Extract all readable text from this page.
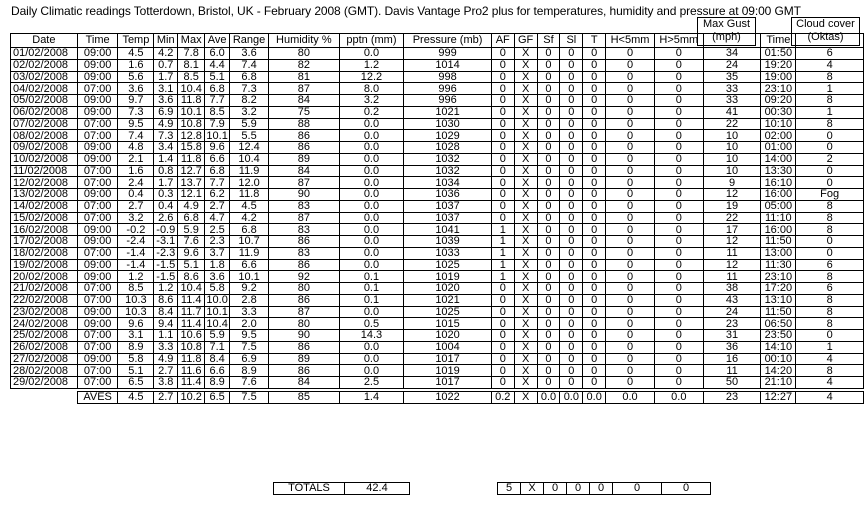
Daily Climatic readings Totterdown, Bristol, UK - February 2008 (GMT). Davis Vantage Pro2 plus for temperatures, humidity and pressure at 09:00 GMT
Max Gust
(mph)
Cloud cover
(Oktas)
Date	Time	Temp	Min	Max	Ave	Range	Humidity %	pptn (mm)	Pressure (mb)	AF	GF	Sf	Sl	T	H<5mm	H>5mm		Time	
01/02/2008	09:00	4.5	4.2	7.8	6.0	3.6	80	0.0	999	0	X	0	0	0	0	0	34	01:50	6
02/02/2008	09:00	1.6	0.7	8.1	4.4	7.4	82	1.2	1014	0	X	0	0	0	0	0	24	19:20	4
03/02/2008	09:00	5.6	1.7	8.5	5.1	6.8	81	12.2	998	0	X	0	0	0	0	0	35	19:00	8
04/02/2008	07:00	3.6	3.1	10.4	6.8	7.3	87	8.0	996	0	X	0	0	0	0	0	33	23:10	1
05/02/2008	09:00	9.7	3.6	11.8	7.7	8.2	84	3.2	996	0	X	0	0	0	0	0	33	09:20	8
06/02/2008	09:00	7.3	6.9	10.1	8.5	3.2	75	0.2	1021	0	X	0	0	0	0	0	41	00:30	1
07/02/2008	07:00	9.5	4.9	10.8	7.9	5.9	88	0.0	1030	0	X	0	0	0	0	0	22	10:10	8
08/02/2008	07:00	7.4	7.3	12.8	10.1	5.5	86	0.0	1029	0	X	0	0	0	0	0	10	02:00	0
09/02/2008	09:00	4.8	3.4	15.8	9.6	12.4	86	0.0	1028	0	X	0	0	0	0	0	10	01:00	0
10/02/2008	09:00	2.1	1.4	11.8	6.6	10.4	89	0.0	1032	0	X	0	0	0	0	0	10	14:00	2
11/02/2008	07:00	1.6	0.8	12.7	6.8	11.9	84	0.0	1032	0	X	0	0	0	0	0	10	13:30	0
12/02/2008	07:00	2.4	1.7	13.7	7.7	12.0	87	0.0	1034	0	X	0	0	0	0	0	9	16:10	0
13/02/2008	09:00	0.4	0.3	12.1	6.2	11.8	90	0.0	1036	0	X	0	0	0	0	0	12	16:00	Fog
14/02/2008	07:00	2.7	0.4	4.9	2.7	4.5	83	0.0	1037	0	X	0	0	0	0	0	19	05:00	8
15/02/2008	07:00	3.2	2.6	6.8	4.7	4.2	87	0.0	1037	0	X	0	0	0	0	0	22	11:10	8
16/02/2008	09:00	-0.2	-0.9	5.9	2.5	6.8	83	0.0	1041	1	X	0	0	0	0	0	17	16:00	8
17/02/2008	09:00	-2.4	-3.1	7.6	2.3	10.7	86	0.0	1039	1	X	0	0	0	0	0	12	11:50	0
18/02/2008	07:00	-1.4	-2.3	9.6	3.7	11.9	83	0.0	1033	1	X	0	0	0	0	0	11	13:00	0
19/02/2008	09:00	-1.4	-1.5	5.1	1.8	6.6	86	0.0	1025	1	X	0	0	0	0	0	12	11:30	6
20/02/2008	09:00	1.2	-1.5	8.6	3.6	10.1	92	0.1	1019	1	X	0	0	0	0	0	11	23:10	8
21/02/2008	07:00	8.5	1.2	10.4	5.8	9.2	80	0.1	1020	0	X	0	0	0	0	0	38	17:20	6
22/02/2008	07:00	10.3	8.6	11.4	10.0	2.8	86	0.1	1021	0	X	0	0	0	0	0	43	13:10	8
23/02/2008	09:00	10.3	8.4	11.7	10.1	3.3	87	0.0	1025	0	X	0	0	0	0	0	24	11:50	8
24/02/2008	09:00	9.6	9.4	11.4	10.4	2.0	80	0.5	1015	0	X	0	0	0	0	0	23	06:50	8
25/02/2008	07:00	3.1	1.1	10.6	5.9	9.5	90	14.3	1020	0	X	0	0	0	0	0	31	23:50	0
26/02/2008	07:00	8.9	3.3	10.8	7.1	7.5	86	0.0	1004	0	X	0	0	0	0	0	36	14:10	1
27/02/2008	09:00	5.8	4.9	11.8	8.4	6.9	89	0.0	1017	0	X	0	0	0	0	0	16	00:10	4
28/02/2008	07:00	5.1	2.7	11.6	6.6	8.9	86	0.0	1019	0	X	0	0	0	0	0	11	14:20	8
29/02/2008	07:00	6.5	3.8	11.4	8.9	7.6	84	2.5	1017	0	X	0	0	0	0	0	50	21:10	4

	AVES	4.5	2.7	10.2	6.5	7.5	85	1.4	1022	0.2	X	0.0	0.0	0.0	0.0	0.0	23	12:27	4
TOTALS	42.4		5	X	0	0	0	0	0
